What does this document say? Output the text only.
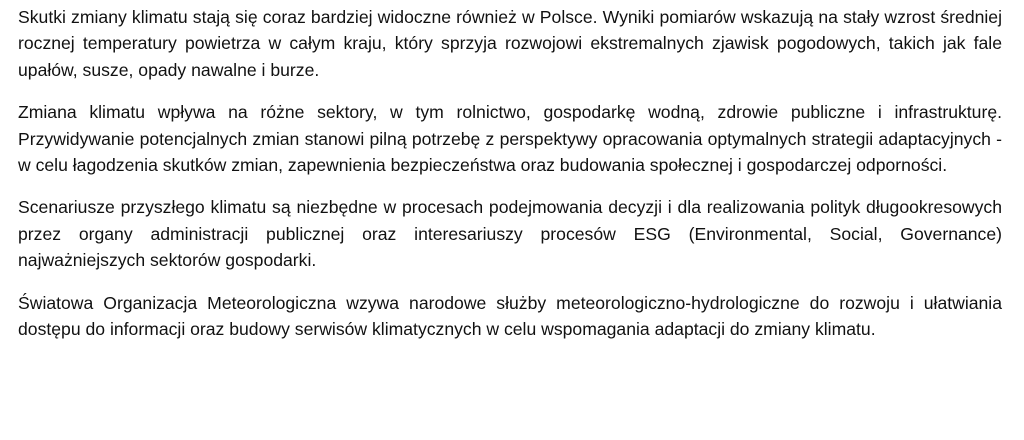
Skutki zmiany klimatu stają się coraz bardziej widoczne również w Polsce. Wyniki pomiarów wskazują na stały wzrost średniej rocznej temperatury powietrza w całym kraju, który sprzyja rozwojowi ekstremalnych zjawisk pogodowych, takich jak fale upałów, susze, opady nawalne i burze.

Zmiana klimatu wpływa na różne sektory, w tym rolnictwo, gospodarkę wodną, zdrowie publiczne i infrastrukturę. Przywidywanie potencjalnych zmian stanowi pilną potrzebę z perspektywy opracowania optymalnych strategii adaptacyjnych - w celu łagodzenia skutków zmian, zapewnienia bezpieczeństwa oraz budowania społecznej i gospodarczej odporności.

Scenariusze przyszłego klimatu są niezbędne w procesach podejmowania decyzji i dla realizowania polityk długookresowych przez organy administracji publicznej oraz interesariuszy procesów ESG (Environmental, Social, Governance) najważniejszych sektorów gospodarki.

Światowa Organizacja Meteorologiczna wzywa narodowe służby meteorologiczno-hydrologiczne do rozwoju i ułatwiania dostępu do informacji oraz budowy serwisów klimatycznych w celu wspomagania adaptacji do zmiany klimatu.
